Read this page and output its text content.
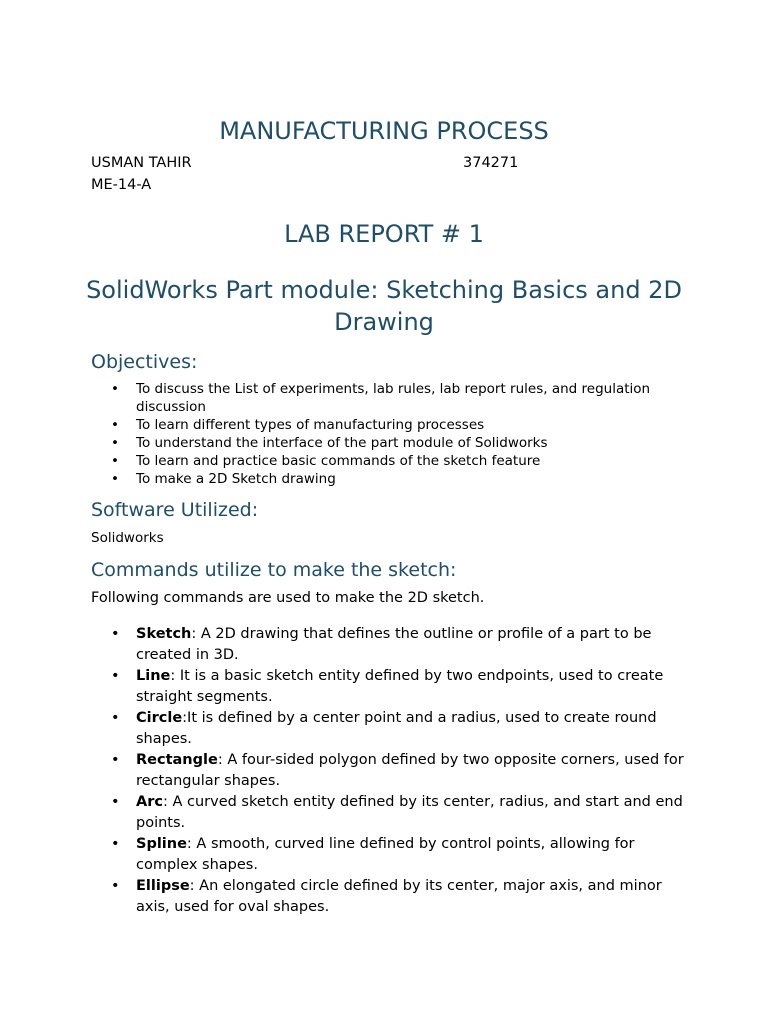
MANUFACTURING PROCESS
USMAN TAHIR	374271
ME-14-A
LAB REPORT # 1
SolidWorks Part module: Sketching Basics and 2D Drawing
Objectives:
• To discuss the List of experiments, lab rules, lab report rules, and regulation discussion
• To learn different types of manufacturing processes
• To understand the interface of the part module of Solidworks
• To learn and practice basic commands of the sketch feature
• To make a 2D Sketch drawing
Software Utilized:
Solidworks
Commands utilize to make the sketch:
Following commands are used to make the 2D sketch.
• Sketch: A 2D drawing that defines the outline or profile of a part to be created in 3D.
• Line: It is a basic sketch entity defined by two endpoints, used to create straight segments.
• Circle:It is defined by a center point and a radius, used to create round shapes.
• Rectangle: A four-sided polygon defined by two opposite corners, used for rectangular shapes.
• Arc: A curved sketch entity defined by its center, radius, and start and end points.
• Spline: A smooth, curved line defined by control points, allowing for complex shapes.
• Ellipse: An elongated circle defined by its center, major axis, and minor axis, used for oval shapes.
